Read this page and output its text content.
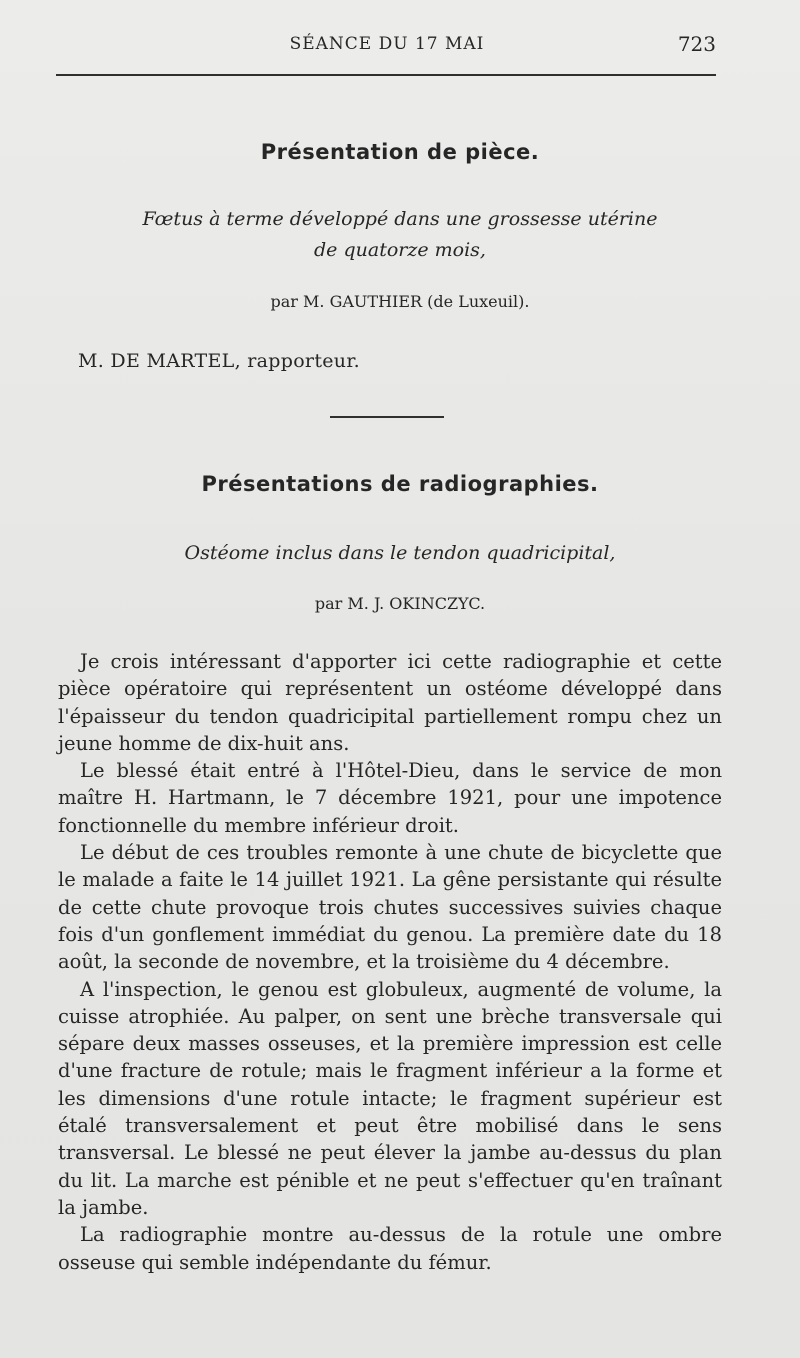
SÉANCE DU 17 MAI	723
Présentation de pièce.
Fœtus à terme développé dans une grossesse utérine
de quatorze mois,
par M. GAUTHIER (de Luxeuil).
M. DE MARTEL, rapporteur.
Présentations de radiographies.
Ostéome inclus dans le tendon quadricipital,
par M. J. OKINCZYC.

Je crois intéressant d'apporter ici cette radiographie et cette pièce opératoire qui représentent un ostéome développé dans l'épaisseur du tendon quadricipital partiellement rompu chez un jeune homme de dix-huit ans.

Le blessé était entré à l'Hôtel-Dieu, dans le service de mon maître H. Hartmann, le 7 décembre 1921, pour une impotence fonctionnelle du membre inférieur droit.

Le début de ces troubles remonte à une chute de bicyclette que le malade a faite le 14 juillet 1921. La gêne persistante qui résulte de cette chute provoque trois chutes successives suivies chaque fois d'un gonflement immédiat du genou. La première date du 18 août, la seconde de novembre, et la troisième du 4 décembre.

A l'inspection, le genou est globuleux, augmenté de volume, la cuisse atrophiée. Au palper, on sent une brèche transversale qui sépare deux masses osseuses, et la première impression est celle d'une fracture de rotule; mais le fragment inférieur a la forme et les dimensions d'une rotule intacte; le fragment supérieur est étalé transversalement et peut être mobilisé dans le sens transversal. Le blessé ne peut élever la jambe au-dessus du plan du lit. La marche est pénible et ne peut s'effectuer qu'en traînant la jambe.

La radiographie montre au-dessus de la rotule une ombre osseuse qui semble indépendante du fémur.
